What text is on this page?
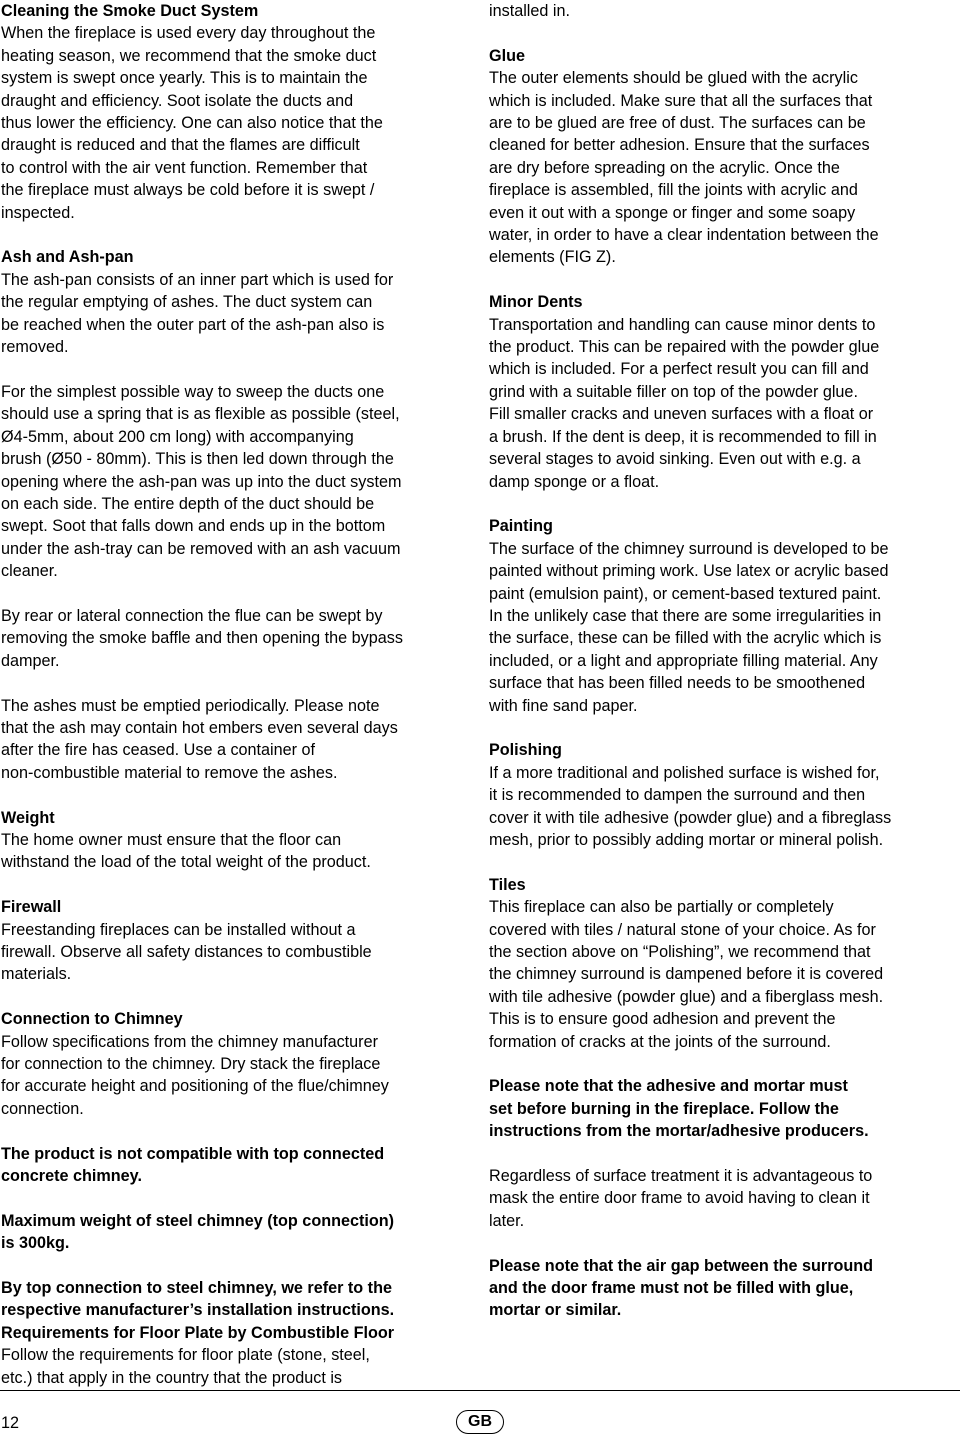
Cleaning the Smoke Duct System
When the fireplace is used every day throughout the
heating season, we recommend that the smoke duct
system is swept once yearly. This is to maintain the
draught and efficiency. Soot isolate the ducts and
thus lower the efficiency. One can also notice that the
draught is reduced and that the flames are difficult
to control with the air vent function. Remember that
the fireplace must always be cold before it is swept /
inspected.
Ash and Ash-pan
The ash-pan consists of an inner part which is used for
the regular emptying of ashes. The duct system can
be reached when the outer part of the ash-pan also is
removed.
For the simplest possible way to sweep the ducts one
should use a spring that is as flexible as possible (steel,
Ø4-5mm, about 200 cm long) with accompanying
brush (Ø50 - 80mm). This is then led down through the
opening where the ash-pan was up into the duct system
on each side. The entire depth of the duct should be
swept. Soot that falls down and ends up in the bottom
under the ash-tray can be removed with an ash vacuum
cleaner.
By rear or lateral connection the flue can be swept by
removing the smoke baffle and then opening the bypass
damper.
The ashes must be emptied periodically. Please note
that the ash may contain hot embers even several days
after the fire has ceased. Use a container of
non-combustible material to remove the ashes.
Weight
The home owner must ensure that the floor can
withstand the load of the total weight of the product.
Firewall
Freestanding fireplaces can be installed without a
firewall. Observe all safety distances to combustible
materials.
Connection to Chimney
Follow specifications from the chimney manufacturer
for connection to the chimney. Dry stack the fireplace
for accurate height and positioning of the flue/chimney
connection.
The product is not compatible with top connected
concrete chimney.
Maximum weight of steel chimney (top connection)
is 300kg.
By top connection to steel chimney, we refer to the
respective manufacturer’s installation instructions.
Requirements for Floor Plate by Combustible Floor
Follow the requirements for floor plate (stone, steel,
etc.) that apply in the country that the product is
installed in.
Glue
The outer elements should be glued with the acrylic
which is included. Make sure that all the surfaces that
are to be glued are free of dust. The surfaces can be
cleaned for better adhesion. Ensure that the surfaces
are dry before spreading on the acrylic. Once the
fireplace is assembled, fill the joints with acrylic and
even it out with a sponge or finger and some soapy
water, in order to have a clear indentation between the
elements (FIG Z).
Minor Dents
Transportation and handling can cause minor dents to
the product. This can be repaired with the powder glue
which is included. For a perfect result you can fill and
grind with a suitable filler on top of the powder glue.
Fill smaller cracks and uneven surfaces with a float or
a brush. If the dent is deep, it is recommended to fill in
several stages to avoid sinking. Even out with e.g. a
damp sponge or a float.
Painting
The surface of the chimney surround is developed to be
painted without priming work. Use latex or acrylic based
paint (emulsion paint), or cement-based textured paint.
In the unlikely case that there are some irregularities in
the surface, these can be filled with the acrylic which is
included, or a light and appropriate filling material. Any
surface that has been filled needs to be smoothened
with fine sand paper.
Polishing
If a more traditional and polished surface is wished for,
it is recommended to dampen the surround and then
cover it with tile adhesive (powder glue) and a fibreglass
mesh, prior to possibly adding mortar or mineral polish.
Tiles
This fireplace can also be partially or completely
covered with tiles / natural stone of your choice. As for
the section above on “Polishing”, we recommend that
the chimney surround is dampened before it is covered
with tile adhesive (powder glue) and a fiberglass mesh.
This is to ensure good adhesion and prevent the
formation of cracks at the joints of the surround.
Please note that the adhesive and mortar must
set before burning in the fireplace. Follow the
instructions from the mortar/adhesive producers.
Regardless of surface treatment it is advantageous to
mask the entire door frame to avoid having to clean it
later.
Please note that the air gap between the surround
and the door frame must not be filled with glue,
mortar or similar.
12	GB
